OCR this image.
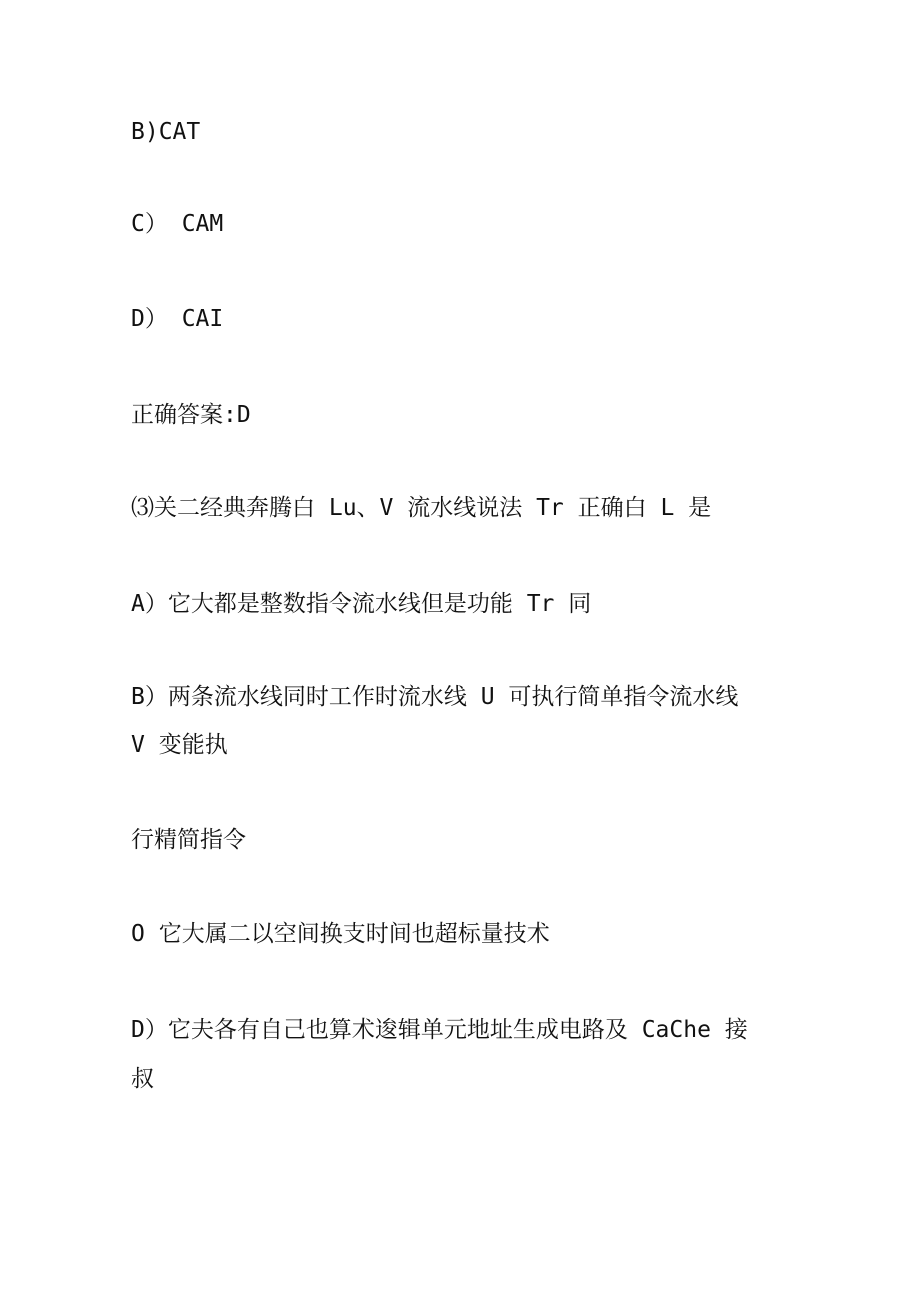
B)CAT
C） CAM
D） CAI
正确答案:D
⑶关二经典奔腾白 Lu、V 流水线说法 Tr 正确白 L 是
A）它大都是整数指令流水线但是功能 Tr 同
B）两条流水线同时工作时流水线 U 可执行简单指令流水线
V 变能执
行精简指令
O 它大属二以空间换支时间也超标量技术
D）它夫各有自己也算术逡辑单元地址生成电路及 CaChe 接
叔
